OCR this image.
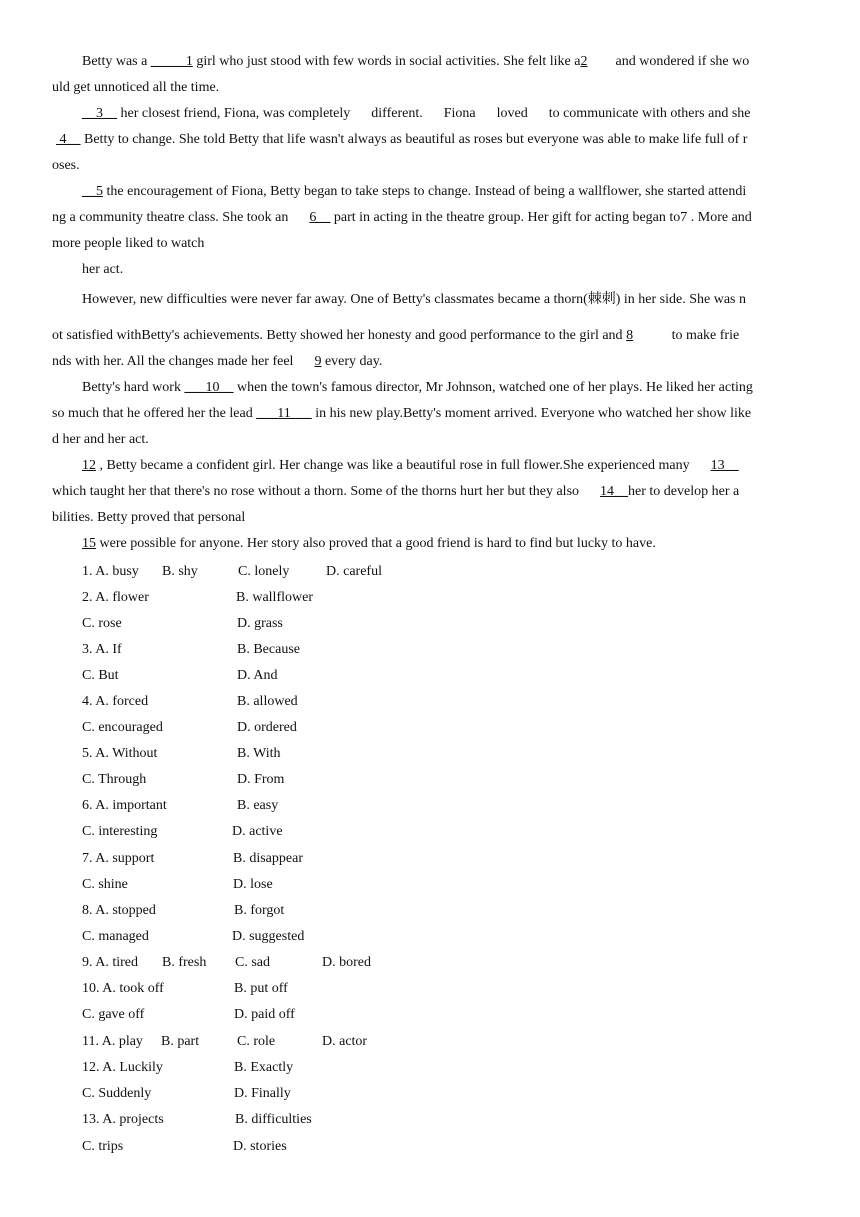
Betty was a _____1 girl who just stood with few words in social activities. She felt like a2        and wondered if she wo
uld get unnoticed all the time.
__3__ her closest friend, Fiona, was completely      different.      Fiona      loved      to communicate with others and she
4__ Betty to change. She told Betty that life wasn't always as beautiful as roses but everyone was able to make life full of r
oses.
__5 the encouragement of Fiona, Betty began to take steps to change. Instead of being a wallflower, she started attendi
ng a community theatre class. She took an      6__ part in acting in the theatre group. Her gift for acting began to7 . More and
more people liked to watch
her act.
However, new difficulties were never far away. One of Betty's classmates became a thorn(棘刺) in her side. She was n
ot satisfied withBetty's achievements. Betty showed her honesty and good performance to the girl and 8           to make frie
nds with her. All the changes made her feel      9 every day.
Betty's hard work ___10__ when the town's famous director, Mr Johnson, watched one of her plays. He liked her acting
so much that he offered her the lead ___11___ in his new play.Betty's moment arrived. Everyone who watched her show like
d her and her act.
12 , Betty became a confident girl. Her change was like a beautiful rose in full flower.She experienced many      13__
which taught her that there's no rose without a thorn. Some of the thorns hurt her but they also      14__her to develop her a
bilities. Betty proved that personal
15 were possible for anyone. Her story also proved that a good friend is hard to find but lucky to have.
1. A. busy B. shy	C. lonely	D. careful
2. A. flower	B. wallflower
C. rose	D. grass
3. A. If	B. Because
C. But	D. And
4. A. forced	B. allowed
C. encouraged	D. ordered
5. A. Without	B. With
C. Through	D. From
6. A. important	B. easy
C. interesting	D. active
7. A. support	B. disappear
C. shine	D. lose
8. A. stopped	B. forgot
C. managed	D. suggested
9. A. tired B. fresh C. sad	D. bored
10. A. took off	B. put off
C. gave off	D. paid off
11. A. play B. part	C. role	D. actor
12. A. Luckily	B. Exactly
C. Suddenly	D. Finally
13. A. projects	B. difficulties
C. trips	D. stories
